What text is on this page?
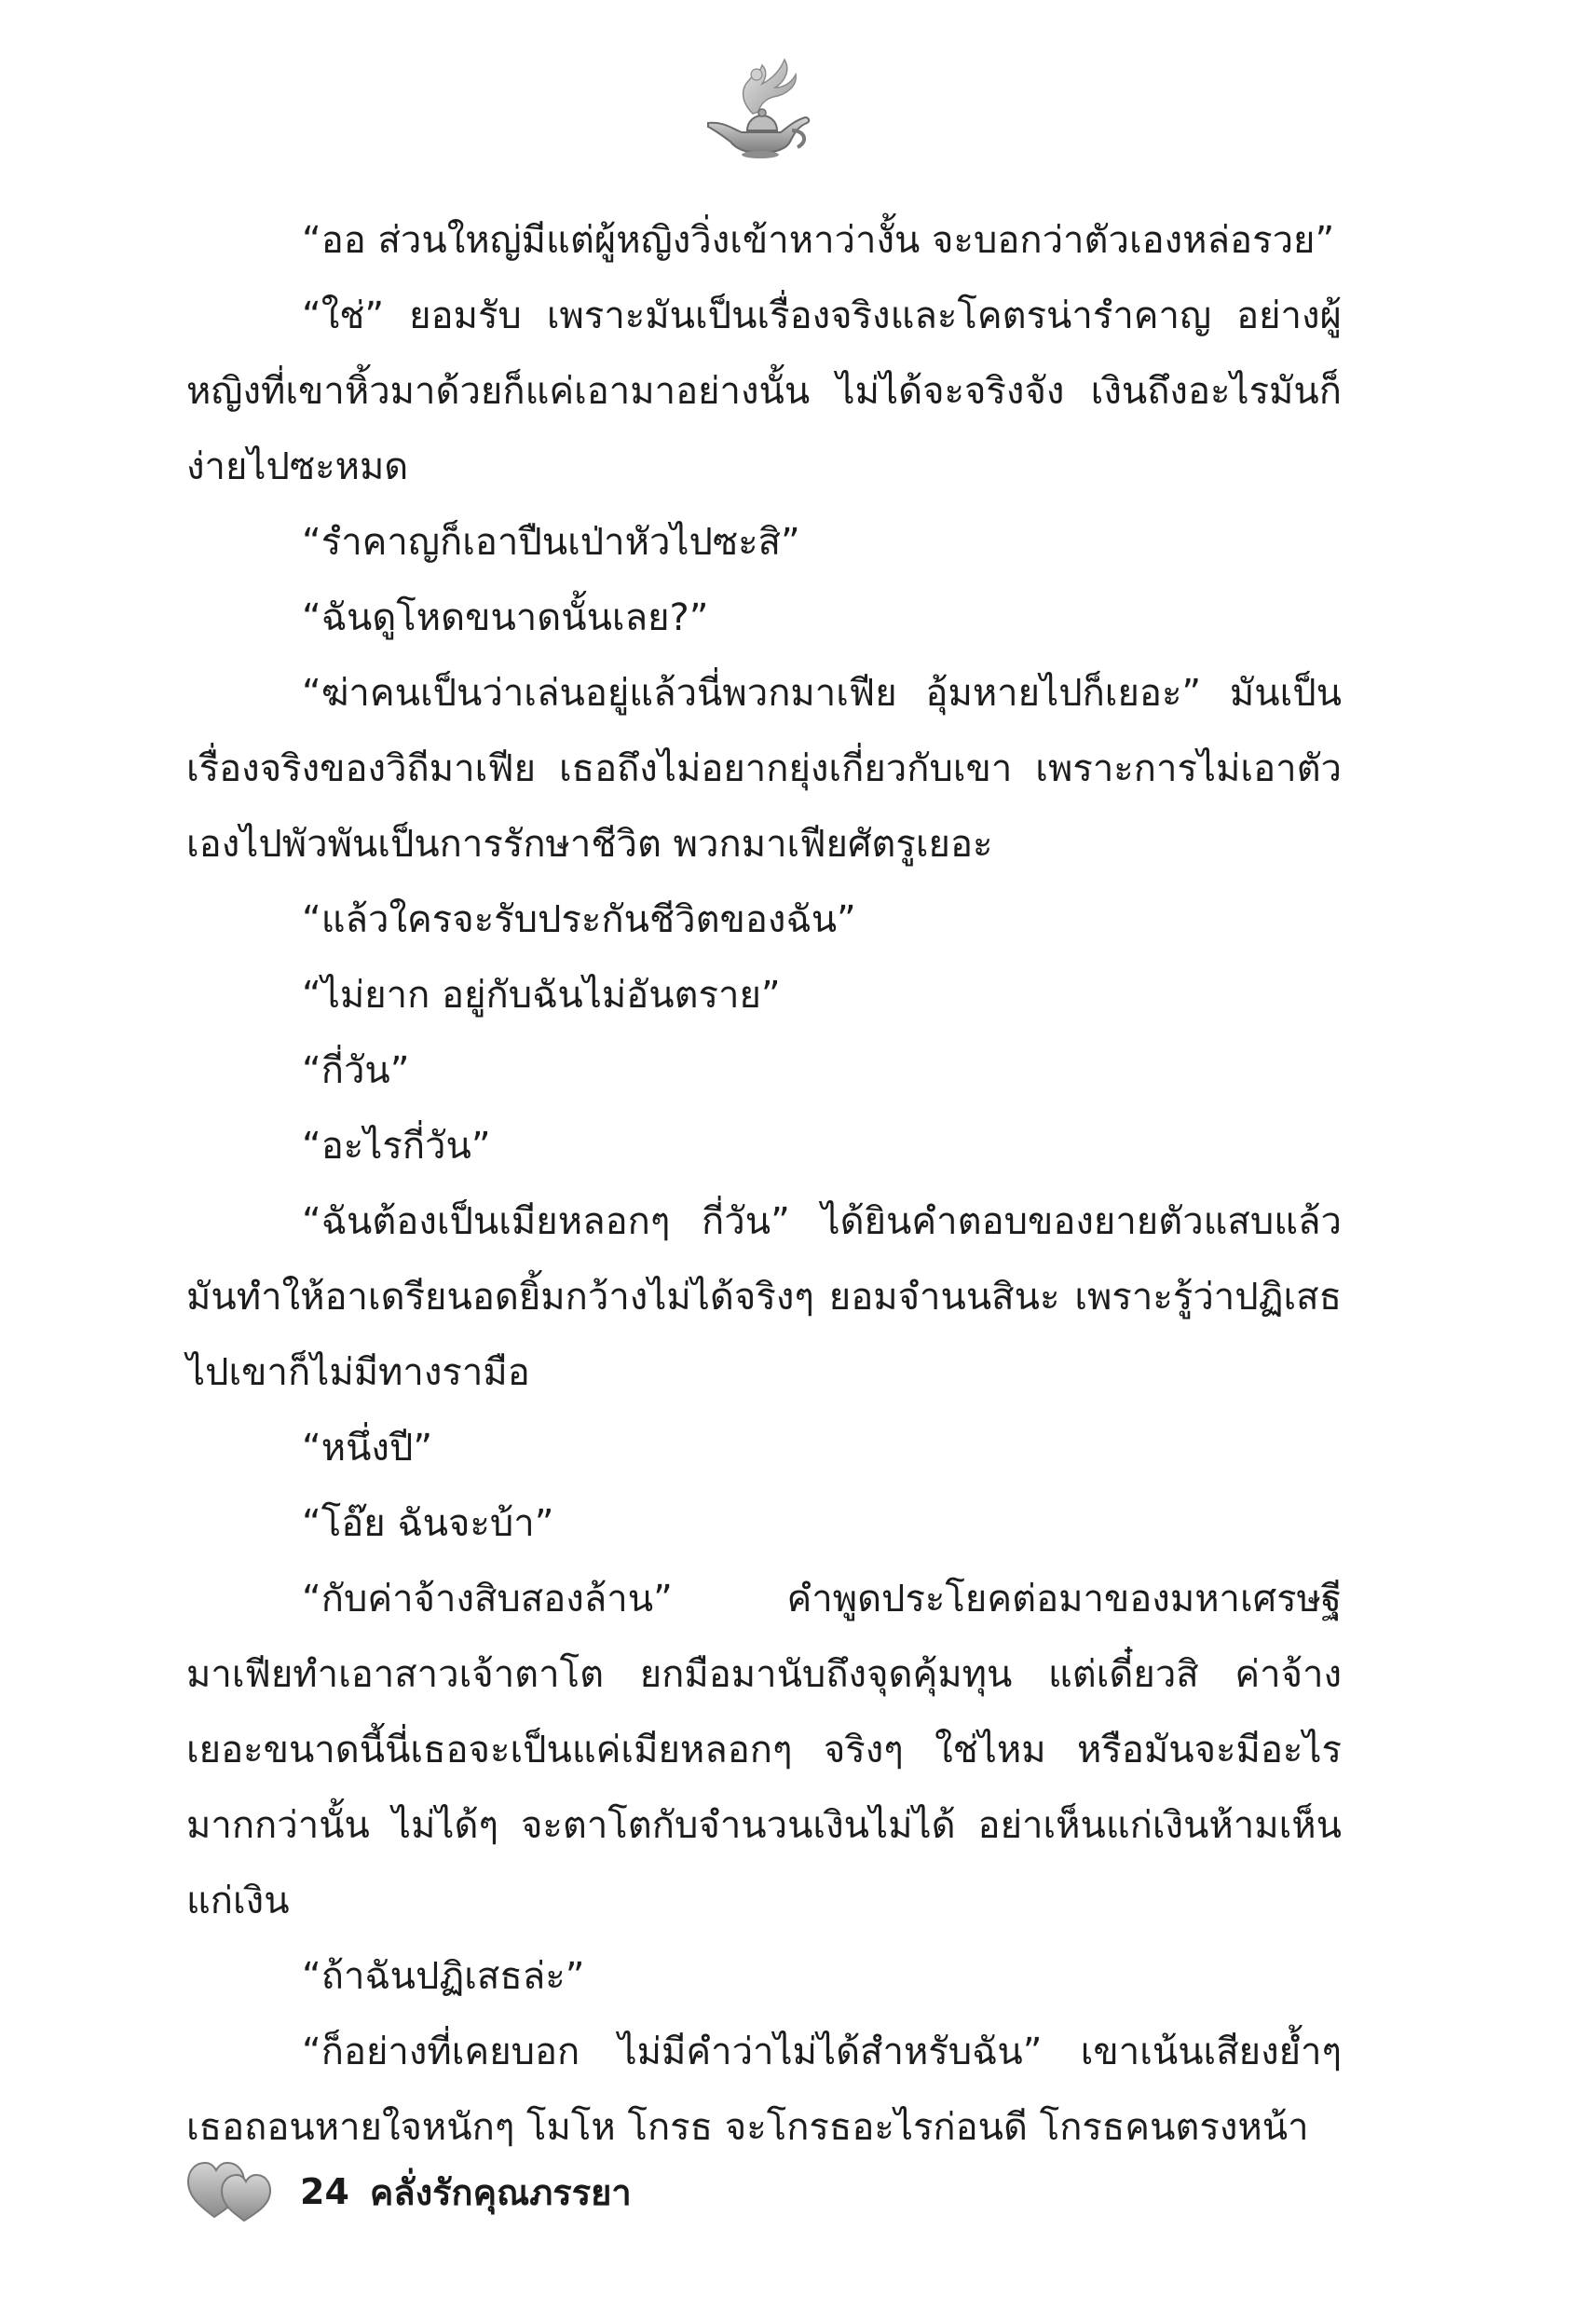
“ออ ส่วนใหญ่มีแต่ผู้หญิงวิ่งเข้าหาว่างั้น จะบอกว่าตัวเองหล่อรวย”

“ใช่” ยอมรับ เพราะมันเป็นเรื่องจริงและโคตรน่ารำคาญ อย่างผู้หญิงที่เขาหิ้วมาด้วยก็แค่เอามาอย่างนั้น ไม่ได้จะจริงจัง เงินถึงอะไรมันก็ง่ายไปซะหมด

“รำคาญก็เอาปืนเป่าหัวไปซะสิ”

“ฉันดูโหดขนาดนั้นเลย?”

“ฆ่าคนเป็นว่าเล่นอยู่แล้วนี่พวกมาเฟีย อุ้มหายไปก็เยอะ” มันเป็นเรื่องจริงของวิถีมาเฟีย เธอถึงไม่อยากยุ่งเกี่ยวกับเขา เพราะการไม่เอาตัวเองไปพัวพันเป็นการรักษาชีวิต พวกมาเฟียศัตรูเยอะ

“แล้วใครจะรับประกันชีวิตของฉัน”

“ไม่ยาก อยู่กับฉันไม่อันตราย”

“กี่วัน”

“อะไรกี่วัน”

“ฉันต้องเป็นเมียหลอกๆ กี่วัน” ได้ยินคำตอบของยายตัวแสบแล้วมันทำให้อาเดรียนอดยิ้มกว้างไม่ได้จริงๆ ยอมจำนนสินะ เพราะรู้ว่าปฏิเสธไปเขาก็ไม่มีทางรามือ

“หนึ่งปี”

“โอ๊ย ฉันจะบ้า”

“กับค่าจ้างสิบสองล้าน” คำพูดประโยคต่อมาของมหาเศรษฐีมาเฟียทำเอาสาวเจ้าตาโต ยกมือมานับถึงจุดคุ้มทุน แต่เดี๋ยวสิ ค่าจ้างเยอะขนาดนี้นี่เธอจะเป็นแค่เมียหลอกๆ จริงๆ ใช่ไหม หรือมันจะมีอะไรมากกว่านั้น ไม่ได้ๆ จะตาโตกับจำนวนเงินไม่ได้ อย่าเห็นแก่เงินห้ามเห็นแก่เงิน

“ถ้าฉันปฏิเสธล่ะ”

“ก็อย่างที่เคยบอก ไม่มีคำว่าไม่ได้สำหรับฉัน” เขาเน้นเสียงย้ำๆ เธอถอนหายใจหนักๆ โมโห โกรธ จะโกรธอะไรก่อนดี โกรธคนตรงหน้า

24 คลั่งรักคุณภรรยา
